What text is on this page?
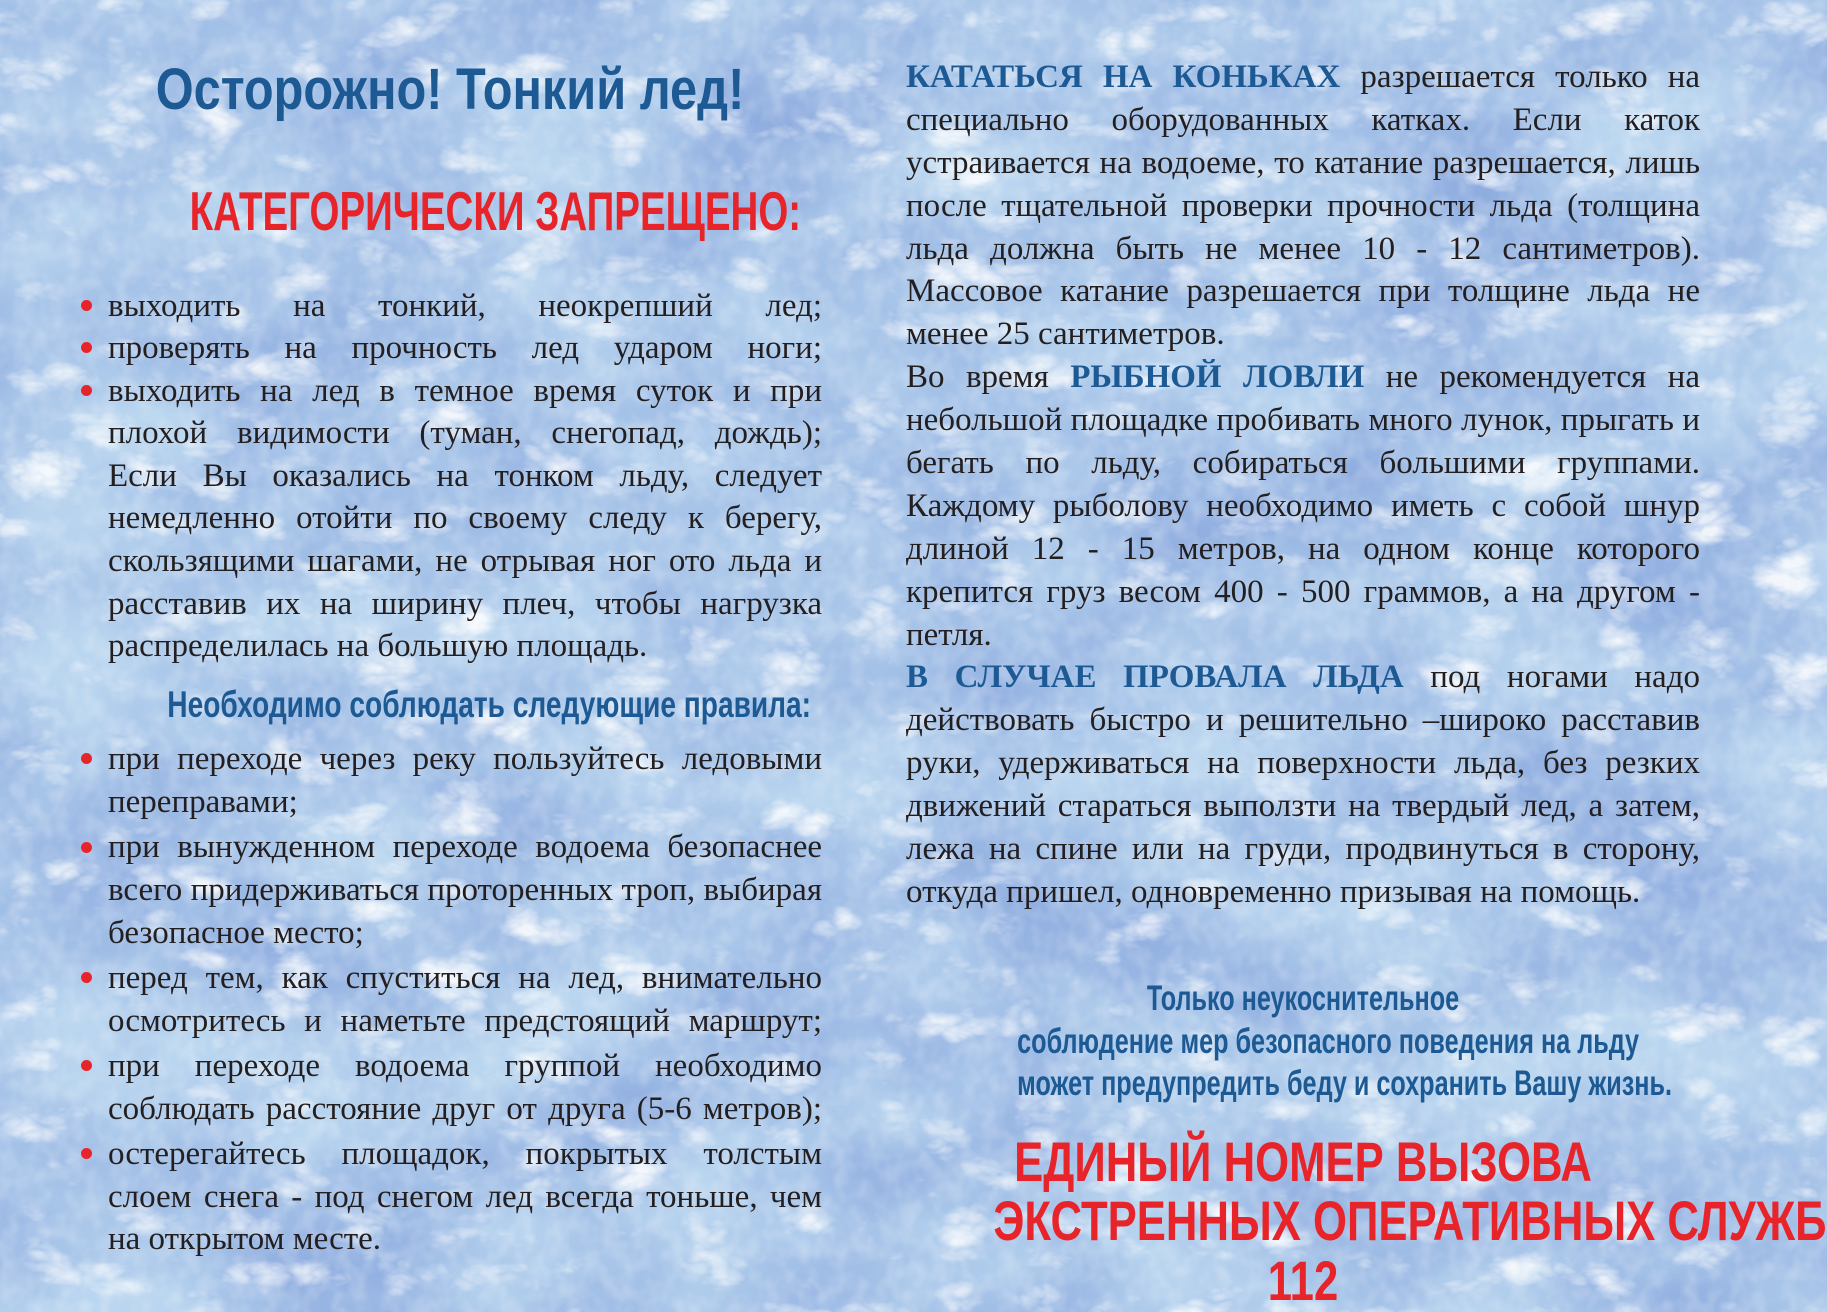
Осторожно! Тонкий лед!
КАТЕГОРИЧЕСКИ ЗАПРЕЩЕНО:
выходить на тонкий, неокрепший лед;
проверять на прочность лед ударом ноги;
выходить на лед в темное время суток и при плохой видимости (туман, снегопад, дождь);
Если Вы оказались на тонком льду, следует немедленно отойти по своему следу к берегу, скользящими шагами, не отрывая ног ото льда и расставив их на ширину плеч, чтобы нагрузка распределилась на большую площадь.
Необходимо соблюдать следующие правила:
при переходе через реку пользуйтесь ледовыми переправами;
при вынужденном переходе водоема безопаснее всего придерживаться проторенных троп, выбирая безопасное место;
перед тем, как спуститься на лед, внимательно осмотритесь и наметьте предстоящий маршрут;
при переходе водоема группой необходимо соблюдать расстояние друг от друга (5-6 метров);
остерегайтесь площадок, покрытых толстым слоем снега - под снегом лед всегда тоньше, чем на открытом месте.

КАТАТЬСЯ НА КОНЬКАХ разрешается только на специально оборудованных катках. Если каток устраивается на водоеме, то катание разрешается, лишь после тщательной проверки прочности льда (толщина льда должна быть не менее 10 - 12 сантиметров). Массовое катание разрешается при толщине льда не менее 25 сантиметров.

Во время РЫБНОЙ ЛОВЛИ не рекомендуется на небольшой площадке пробивать много лунок, прыгать и бегать по льду, собираться большими группами. Каждому рыболову необходимо иметь с собой шнур длиной 12 - 15 метров, на одном конце которого крепится груз весом 400 - 500 граммов, а на другом - петля.

В СЛУЧАЕ ПРОВАЛА ЛЬДА под ногами надо действовать быстро и решительно –широко расставив руки, удерживаться на поверхности льда, без резких движений стараться выползти на твердый лед, а затем, лежа на спине или на груди, продвинуться в сторону, откуда пришел, одновременно призывая на помощь.

Только неукоснительное
соблюдение мер безопасного поведения на льду
может предупредить беду и сохранить Вашу жизнь.
ЕДИНЫЙ НОМЕР ВЫЗОВА
ЭКСТРЕННЫХ ОПЕРАТИВНЫХ СЛУЖБ
112
